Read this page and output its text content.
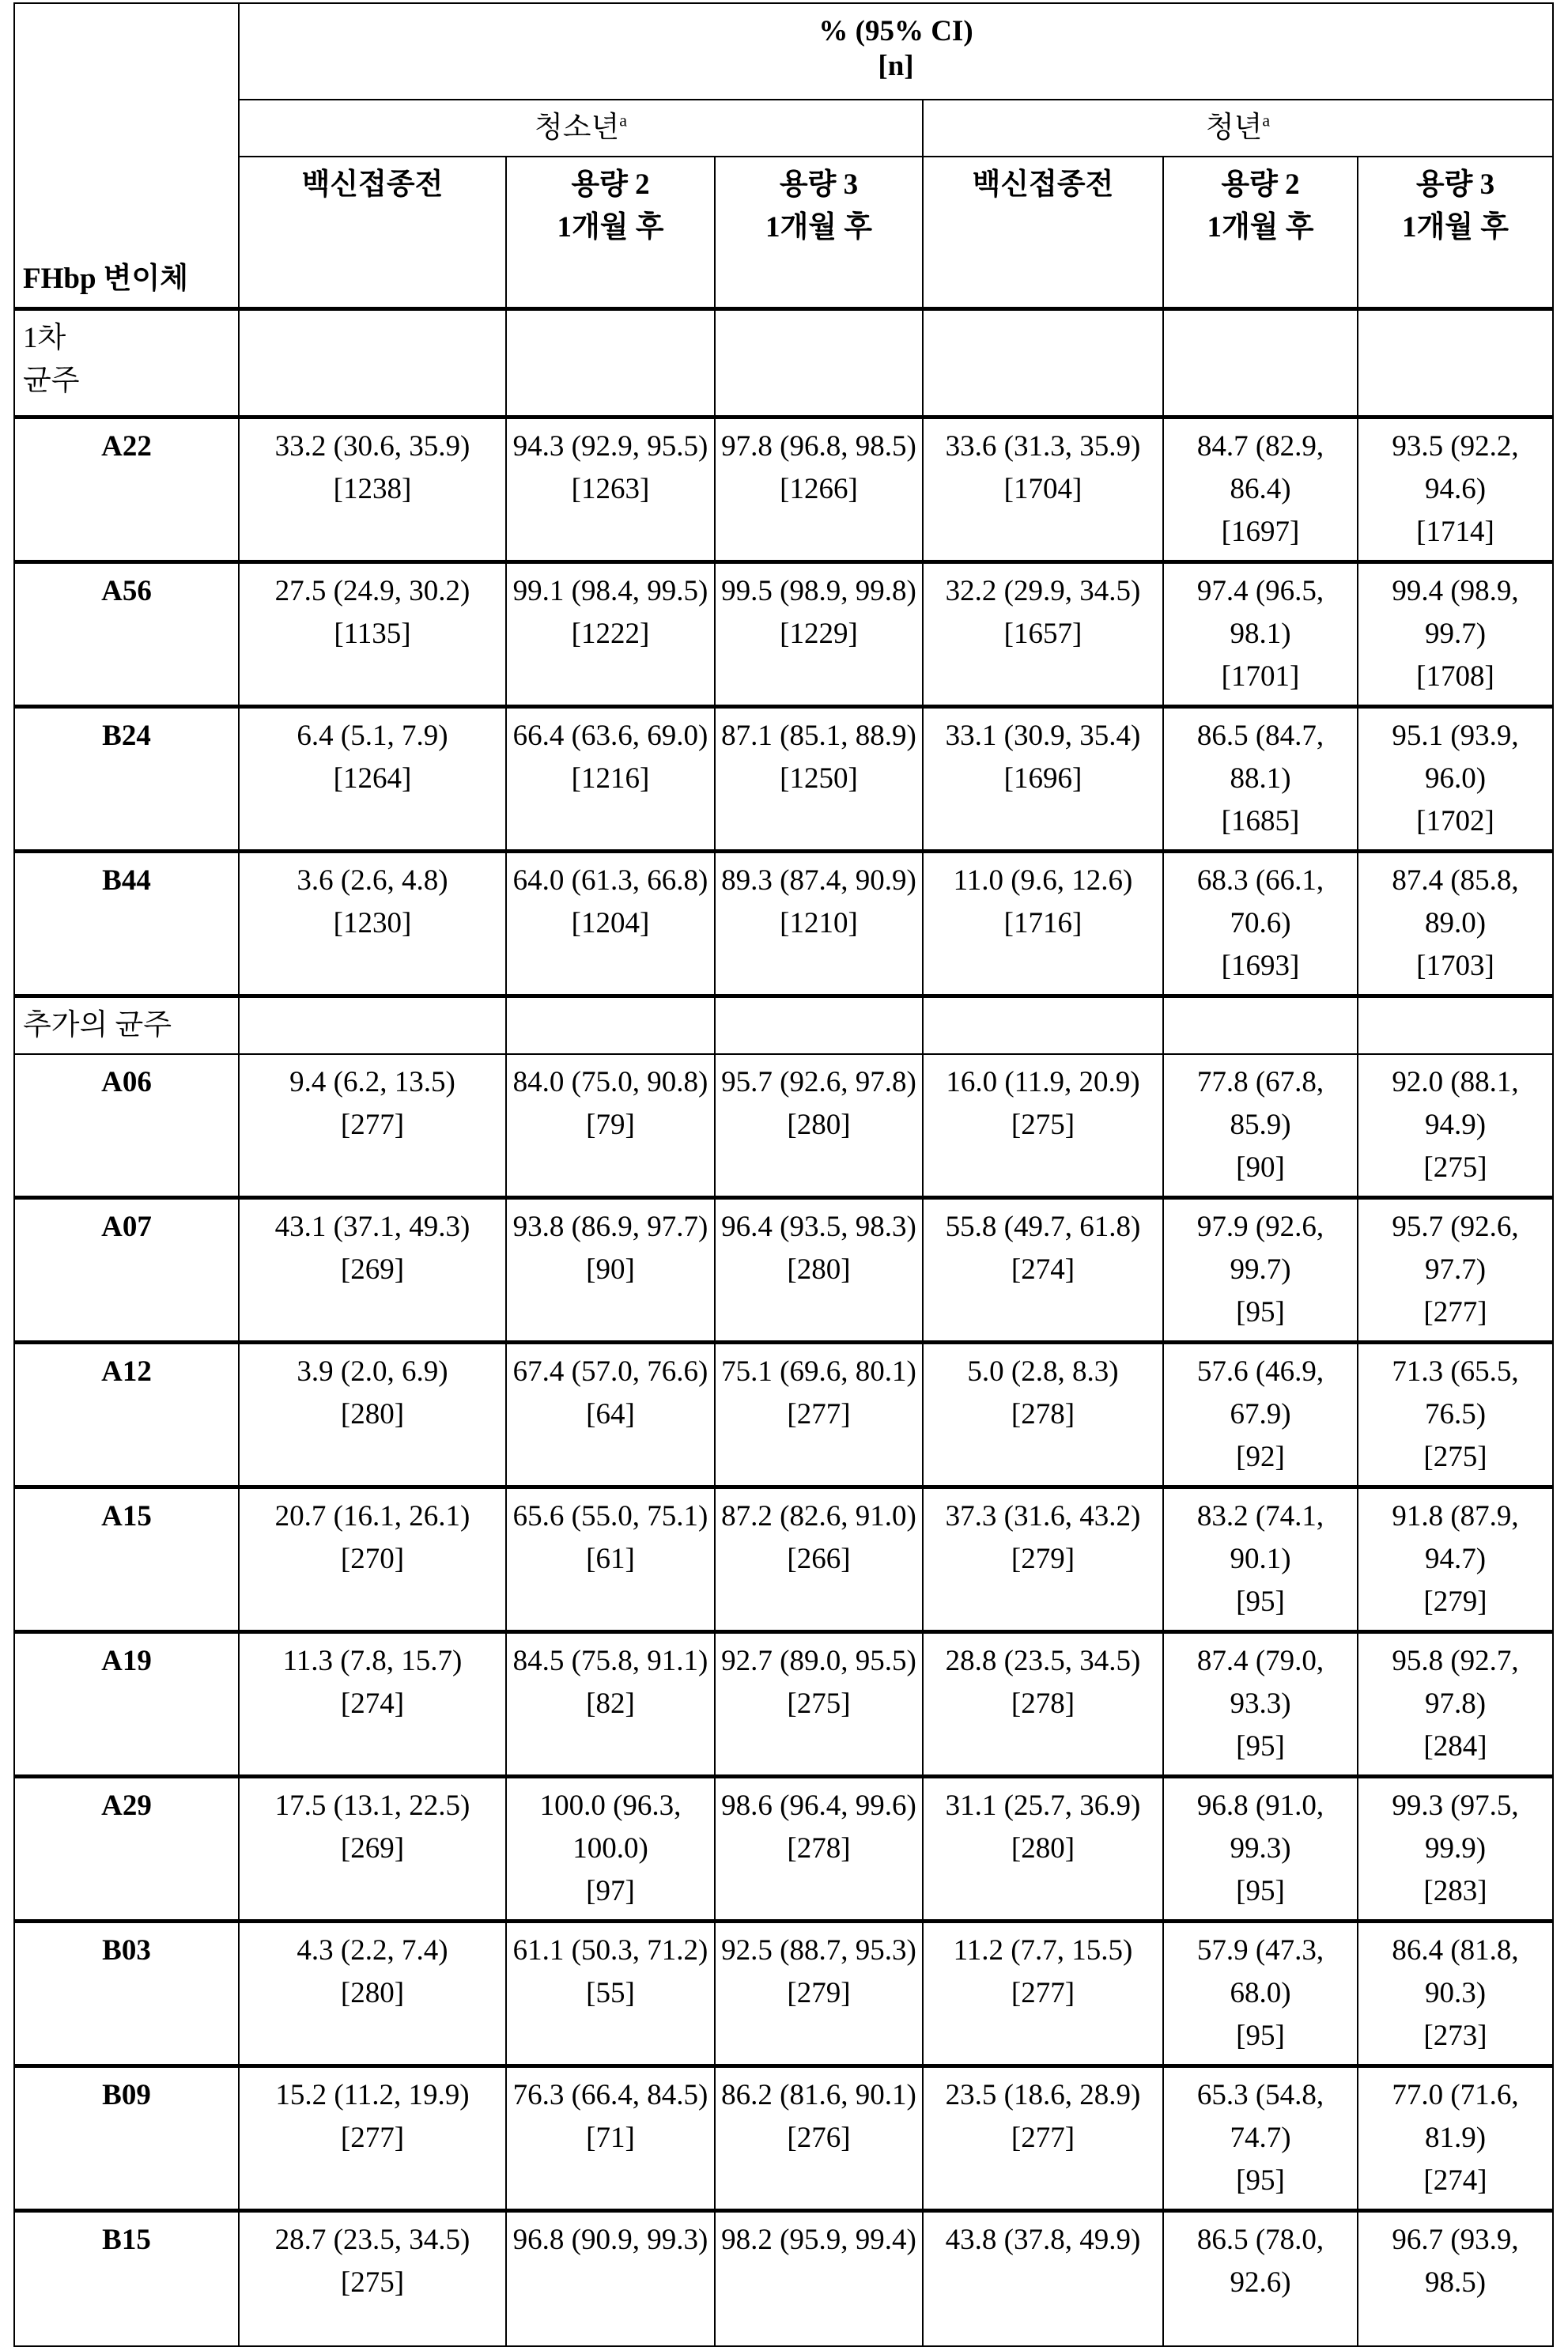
FHbp 변이체	
% (95% CI)
[n]

청소년a	청년a

백신접종전	용량 2
1개월 후

용량 3
1개월 후

백신접종전	용량 2
1개월 후

용량 3
1개월 후

1차
균주						
A22	33.2 (30.6, 35.9)
[1238]

94.3 (92.9, 95.5)
[1263]

97.8 (96.8, 98.5)
[1266]

33.6 (31.3, 35.9)
[1704]

84.7 (82.9, 86.4)
[1697]

93.5 (92.2, 94.6)
[1714]

A56	27.5 (24.9, 30.2)
[1135]

99.1 (98.4, 99.5)
[1222]

99.5 (98.9, 99.8)
[1229]

32.2 (29.9, 34.5)
[1657]

97.4 (96.5, 98.1)
[1701]

99.4 (98.9, 99.7)
[1708]

B24	6.4 (5.1, 7.9)
[1264]

66.4 (63.6, 69.0)
[1216]

87.1 (85.1, 88.9)
[1250]

33.1 (30.9, 35.4)
[1696]

86.5 (84.7, 88.1)
[1685]

95.1 (93.9, 96.0)
[1702]

B44	3.6 (2.6, 4.8)
[1230]

64.0 (61.3, 66.8)
[1204]

89.3 (87.4, 90.9)
[1210]

11.0 (9.6, 12.6)
[1716]

68.3 (66.1, 70.6)
[1693]

87.4 (85.8, 89.0)
[1703]

추가의 균주						
A06	9.4 (6.2, 13.5)
[277]

84.0 (75.0, 90.8)
[79]

95.7 (92.6, 97.8)
[280]

16.0 (11.9, 20.9)
[275]

77.8 (67.8, 85.9)
[90]

92.0 (88.1, 94.9)
[275]

A07	43.1 (37.1, 49.3)
[269]

93.8 (86.9, 97.7)
[90]

96.4 (93.5, 98.3)
[280]

55.8 (49.7, 61.8)
[274]

97.9 (92.6, 99.7)
[95]

95.7 (92.6, 97.7)
[277]

A12	3.9 (2.0, 6.9)
[280]

67.4 (57.0, 76.6)
[64]

75.1 (69.6, 80.1)
[277]

5.0 (2.8, 8.3)
[278]

57.6 (46.9, 67.9)
[92]

71.3 (65.5, 76.5)
[275]

A15	20.7 (16.1, 26.1)
[270]

65.6 (55.0, 75.1)
[61]

87.2 (82.6, 91.0)
[266]

37.3 (31.6, 43.2)
[279]

83.2 (74.1, 90.1)
[95]

91.8 (87.9, 94.7)
[279]

A19	11.3 (7.8, 15.7)
[274]

84.5 (75.8, 91.1)
[82]

92.7 (89.0, 95.5)
[275]

28.8 (23.5, 34.5)
[278]

87.4 (79.0, 93.3)
[95]

95.8 (92.7, 97.8)
[284]

A29	17.5 (13.1, 22.5)
[269]

100.0 (96.3, 100.0)
[97]

98.6 (96.4, 99.6)
[278]

31.1 (25.7, 36.9)
[280]

96.8 (91.0, 99.3)
[95]

99.3 (97.5, 99.9)
[283]

B03	4.3 (2.2, 7.4)
[280]

61.1 (50.3, 71.2)
[55]

92.5 (88.7, 95.3)
[279]

11.2 (7.7, 15.5)
[277]

57.9 (47.3, 68.0)
[95]

86.4 (81.8, 90.3)
[273]

B09	15.2 (11.2, 19.9)
[277]

76.3 (66.4, 84.5)
[71]

86.2 (81.6, 90.1)
[276]

23.5 (18.6, 28.9)
[277]

65.3 (54.8, 74.7)
[95]

77.0 (71.6, 81.9)
[274]

B15	28.7 (23.5, 34.5)
[275]

96.8 (90.9, 99.3)	98.2 (95.9, 99.4)	43.8 (37.8, 49.9)	86.5 (78.0, 92.6)

96.7 (93.9, 98.5)
